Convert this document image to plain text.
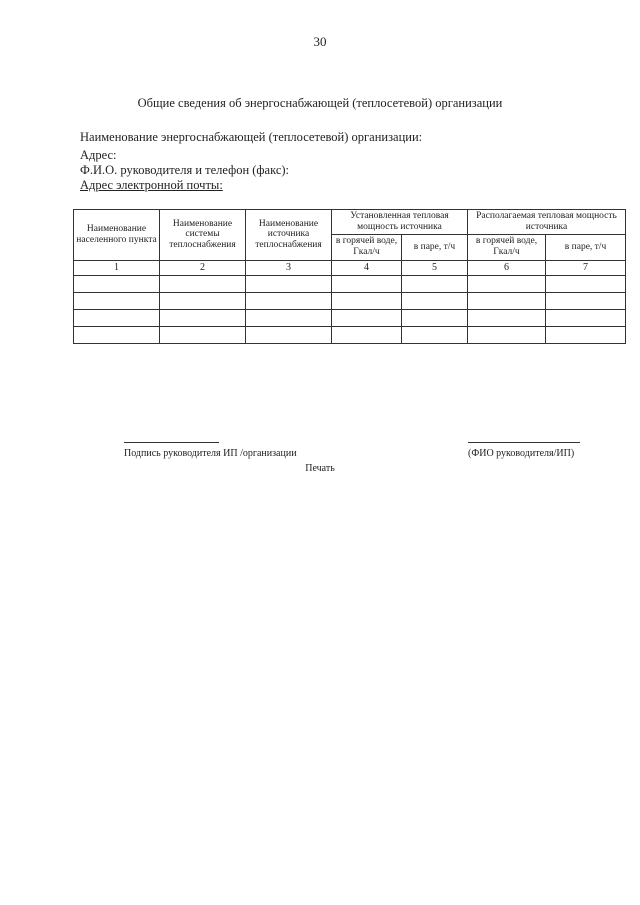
30
Общие сведения об энергоснабжающей (теплосетевой) организации
Наименование энергоснабжающей (теплосетевой) организации:
Адрес:
Ф.И.О. руководителя и телефон (факс):
Адрес электронной почты:
Наименование населенного пункта	Наименование системы теплоснабжения	Наименование источника теплоснабжения	Установленная тепловая мощность источника		Располагаемая тепловая мощность источника	
			в горячей воде, Гкал/ч	в паре, т/ч	в горячей воде, Гкал/ч	в паре, т/ч
1	2	3	4	5	6	7

Подпись руководителя ИП /организации	(ФИО руководителя/ИП)
Печать
